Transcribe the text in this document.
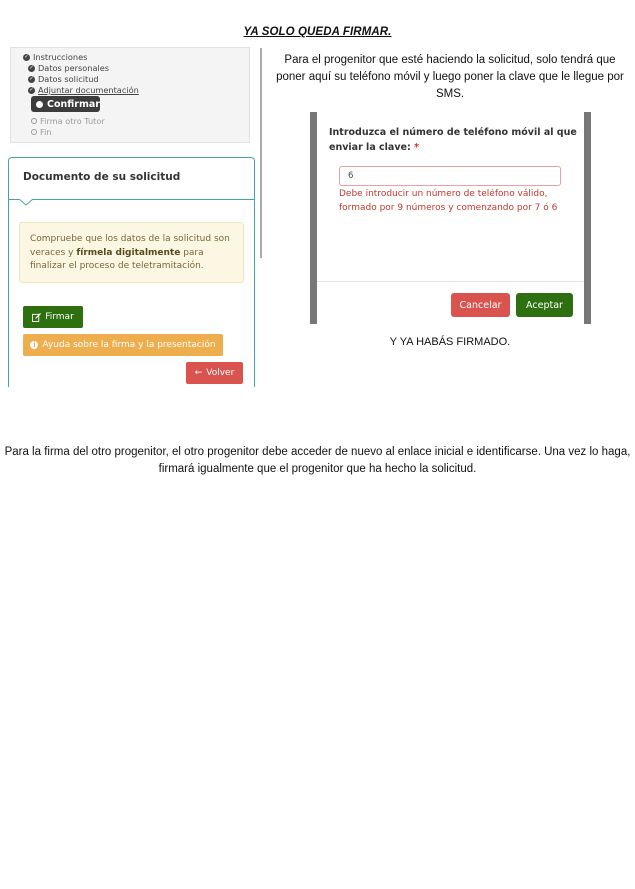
YA SOLO QUEDA FIRMAR.
✓ Instrucciones
✓ Datos personales
✓ Datos solicitud
✓ Adjuntar documentación
Confirmar
Firma otro Tutor
Fin
Documento de su solicitud
Compruebe que los datos de la solicitud son veraces y fírmela digitalmente para finalizar el proceso de teletramitación.
Firmar
i Ayuda sobre la firma y la presentación
← Volver
Para el progenitor que esté haciendo la solicitud, solo tendrá que poner aquí su teléfono móvil y luego poner la clave que le llegue por SMS.
Introduzca el número de teléfono móvil al que enviar la clave: *
6
Debe introducir un número de teléfono válido, formado por 9 números y comenzando por 7 ó 6
Cancelar	Aceptar
Y YA HABÁS FIRMADO.
Para la firma del otro progenitor, el otro progenitor debe acceder de nuevo al enlace inicial e identificarse. Una vez lo haga, firmará igualmente que el progenitor que ha hecho la solicitud.
